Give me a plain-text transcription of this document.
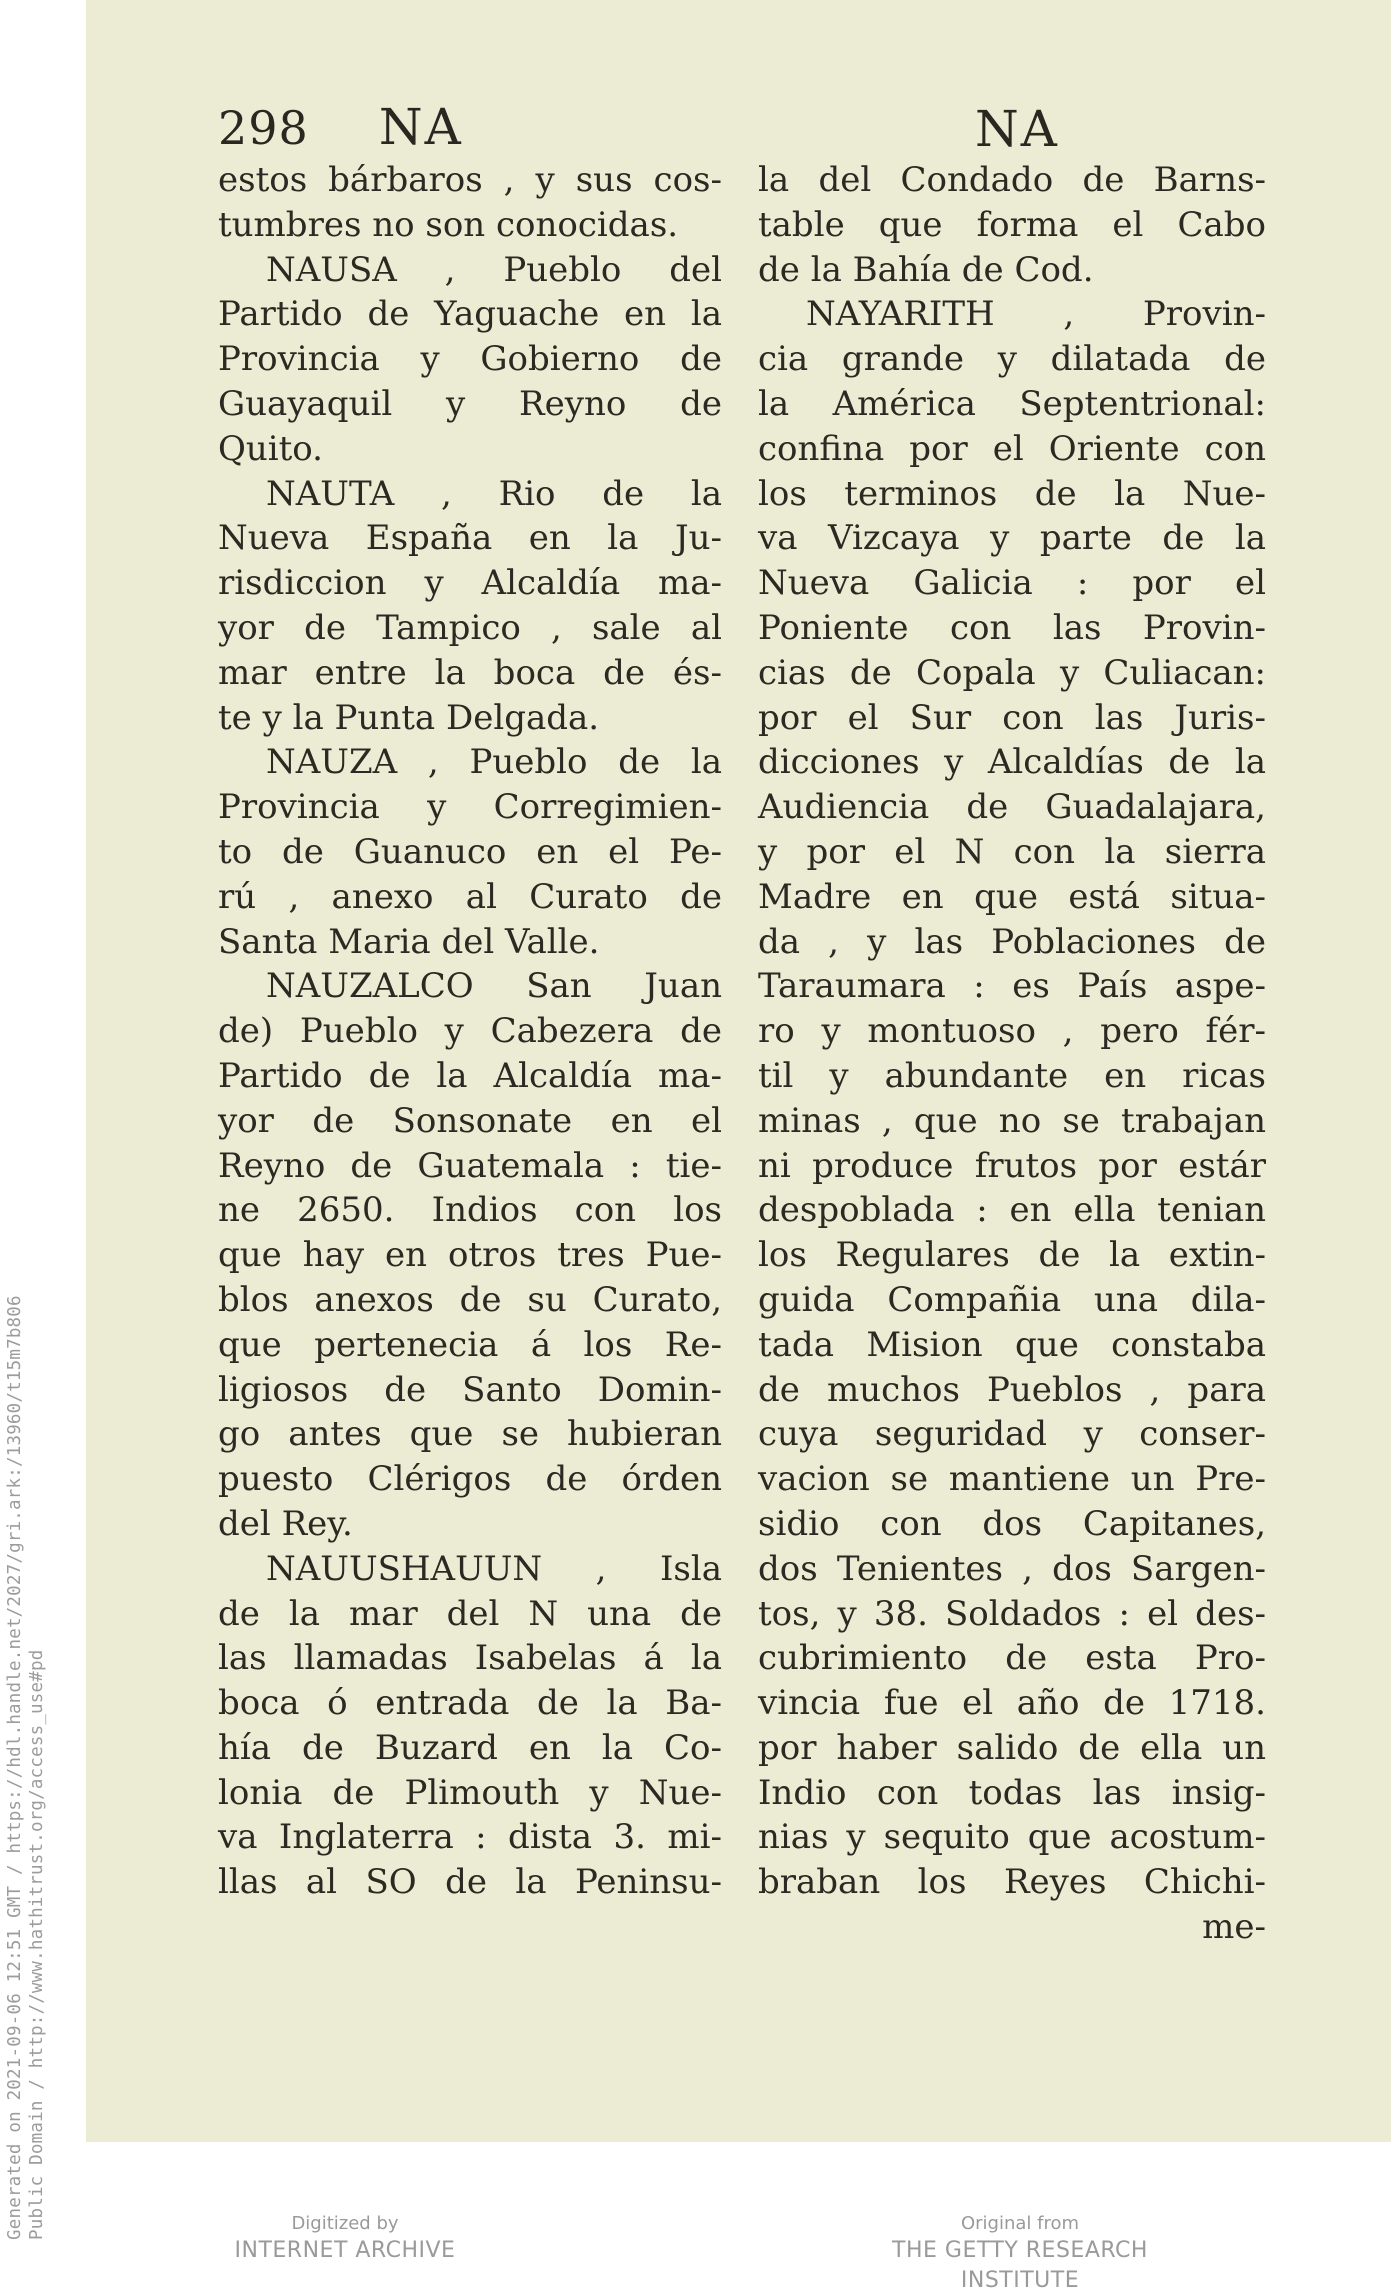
Generated on 2021-09-06 12:51 GMT / https://hdl.handle.net/2027/gri.ark:/13960/t15m7b806 Public Domain / http://www.hathitrust.org/access_use#pd
298 NA	NA
estos bárbaros , y sus cos-
tumbres no son conocidas.
NAUSA , Pueblo del
Partido de Yaguache en la
Provincia y Gobierno de
Guayaquil y Reyno de
Quito.
NAUTA , Rio de la
Nueva España en la Ju-
risdiccion y Alcaldía ma-
yor de Tampico , sale al
mar entre la boca de és-
te y la Punta Delgada.
NAUZA , Pueblo de la
Provincia y Corregimien-
to de Guanuco en el Pe-
rú , anexo al Curato de
Santa Maria del Valle.
NAUZALCO San Juan
de) Pueblo y Cabezera de
Partido de la Alcaldía ma-
yor de Sonsonate en el
Reyno de Guatemala : tie-
ne 2650. Indios con los
que hay en otros tres Pue-
blos anexos de su Curato,
que pertenecia á los Re-
ligiosos de Santo Domin-
go antes que se hubieran
puesto Clérigos de órden
del Rey.
NAUUSHAUUN , Isla
de la mar del N una de
las llamadas Isabelas á la
boca ó entrada de la Ba-
hía de Buzard en la Co-
lonia de Plimouth y Nue-
va Inglaterra : dista 3. mi-
llas al SO de la Peninsu-
la del Condado de Barns-
table que forma el Cabo
de la Bahía de Cod.
NAYARITH , Provin-
cia grande y dilatada de
la América Septentrional:
confina por el Oriente con
los terminos de la Nue-
va Vizcaya y parte de la
Nueva Galicia : por el
Poniente con las Provin-
cias de Copala y Culiacan:
por el Sur con las Juris-
dicciones y Alcaldías de la
Audiencia de Guadalajara,
y por el N con la sierra
Madre en que está situa-
da , y las Poblaciones de
Taraumara : es País aspe-
ro y montuoso , pero fér-
til y abundante en ricas
minas , que no se trabajan
ni produce frutos por estár
despoblada : en ella tenian
los Regulares de la extin-
guida Compañia una dila-
tada Mision que constaba
de muchos Pueblos , para
cuya seguridad y conser-
vacion se mantiene un Pre-
sidio con dos Capitanes,
dos Tenientes , dos Sargen-
tos, y 38. Soldados : el des-
cubrimiento de esta Pro-
vincia fue el año de 1718.
por haber salido de ella un
Indio con todas las insig-
nias y sequito que acostum-
braban los Reyes Chichi-
me-
Digitized by
INTERNET ARCHIVE
Original from
THE GETTY RESEARCH INSTITUTE
